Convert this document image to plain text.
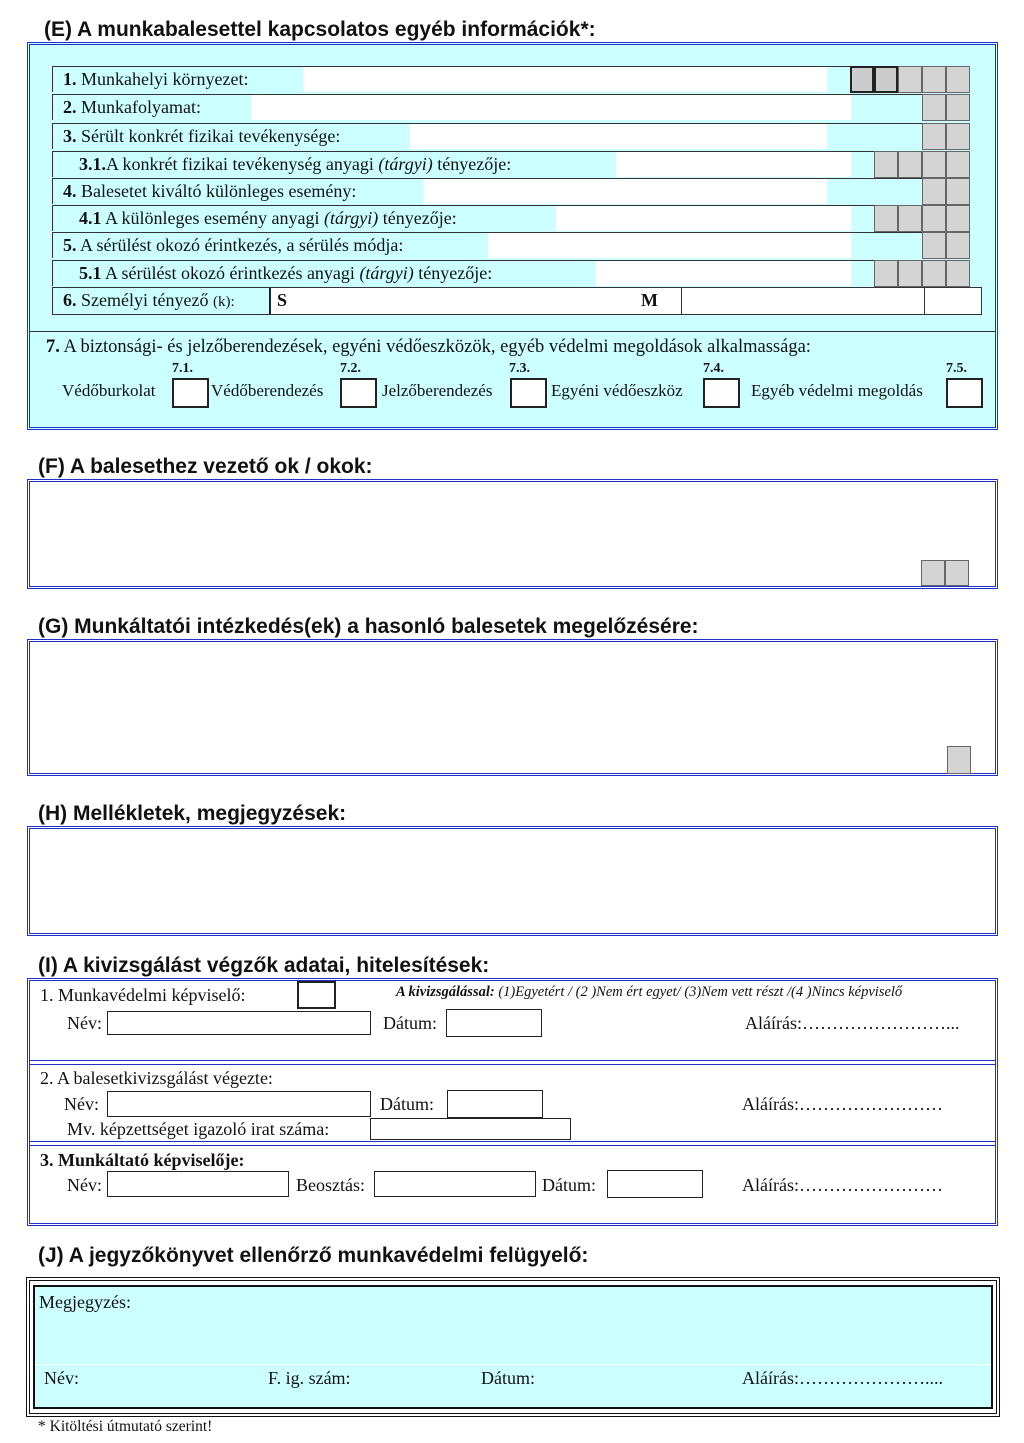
(E) A munkabalesettel kapcsolatos egyéb információk*:
1. Munkahelyi környezet:
2. Munkafolyamat:
3. Sérült konkrét fizikai tevékenysége:
3.1.A konkrét fizikai tevékenység anyagi (tárgyi) tényezője:
4. Balesetet kiváltó különleges esemény:
4.1 A különleges esemény anyagi (tárgyi) tényezője:
5. A sérülést okozó érintkezés, a sérülés módja:
5.1 A sérülést okozó érintkezés anyagi (tárgyi) tényezője:
6. Személyi tényező (k): S	M
7. A biztonsági- és jelzőberendezések, egyéni védőeszközök, egyéb védelmi megoldások alkalmassága:
7.1.	7.2.	7.3.	7.4.	7.5.
Védőburkolat	Védőberendezés	Jelzőberendezés	Egyéni védőeszköz	Egyéb védelmi megoldás
(F) A balesethez vezető ok / okok:
(G) Munkáltatói intézkedés(ek) a hasonló balesetek megelőzésére:
(H) Mellékletek, megjegyzések:
(I) A kivizsgálást végzők adatai, hitelesítések:
1. Munkavédelmi képviselő:	A kivizsgálással: (1)Egyetért / (2 )Nem ért egyet/ (3)Nem vett részt /(4 )Nincs képviselő
Név:	Dátum:	Aláírás:……………………...
2. A balesetkivizsgálást végezte:
Név:	Dátum:	Aláírás:……………………
Mv. képzettséget igazoló irat száma:
3. Munkáltató képviselője:
Név:	Beosztás:	Dátum:	Aláírás:……………………
(J) A jegyzőkönyvet ellenőrző munkavédelmi felügyelő:
Megjegyzés:
Név:	F. ig. szám:	Dátum:	Aláírás:…………………....
* Kitöltési útmutató szerint!
